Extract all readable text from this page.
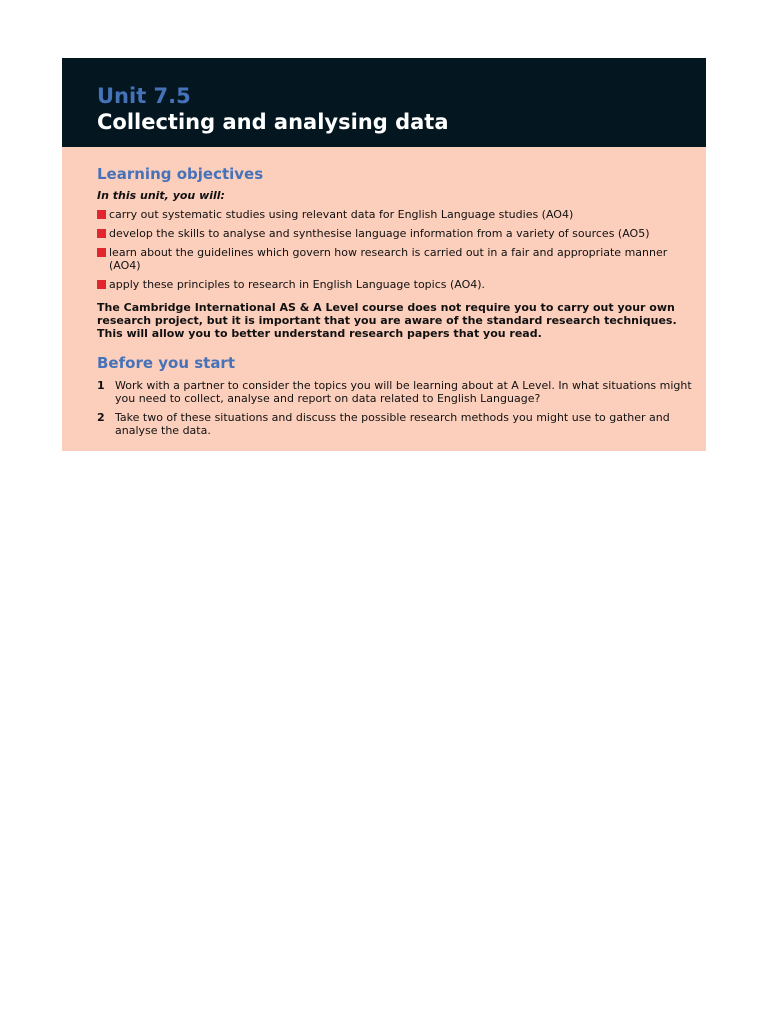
Unit 7.5
Collecting and analysing data
Learning objectives

In this unit, you will:

carry out systematic studies using relevant data for English Language studies (AO4)
develop the skills to analyse and synthesise language information from a variety of sources (AO5)
learn about the guidelines which govern how research is carried out in a fair and appropriate manner (AO4)
apply these principles to research in English Language topics (AO4).

The Cambridge International AS & A Level course does not require you to carry out your own research project, but it is important that you are aware of the standard research techniques. This will allow you to better understand research papers that you read.

Before you start
1 Work with a partner to consider the topics you will be learning about at A Level. In what situations might you need to collect, analyse and report on data related to English Language?
2 Take two of these situations and discuss the possible research methods you might use to gather and analyse the data.
